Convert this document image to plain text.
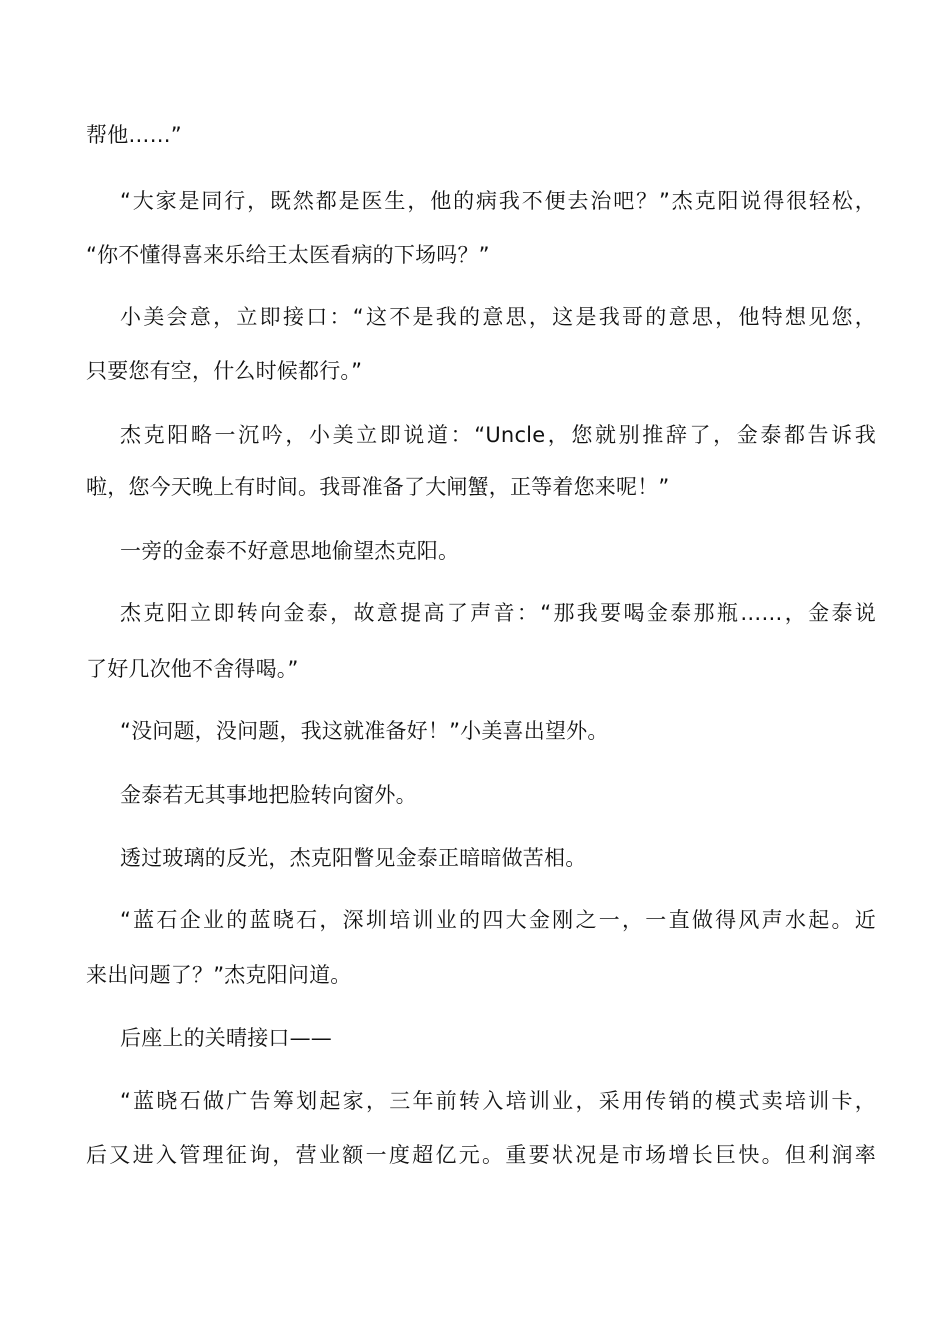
帮他……”
“大家是同行，既然都是医生，他的病我不便去治吧？”杰克阳说得很轻松，
“你不懂得喜来乐给王太医看病的下场吗？”
小美会意，立即接口：“这不是我的意思，这是我哥的意思，他特想见您，
只要您有空，什么时候都行。”
杰克阳略一沉吟，小美立即说道：“Uncle，您就别推辞了，金泰都告诉我
啦，您今天晚上有时间。我哥准备了大闸蟹，正等着您来呢！”
一旁的金泰不好意思地偷望杰克阳。
杰克阳立即转向金泰，故意提高了声音：“那我要喝金泰那瓶……，金泰说
了好几次他不舍得喝。”
“没问题，没问题，我这就准备好！”小美喜出望外。
金泰若无其事地把脸转向窗外。
透过玻璃的反光，杰克阳瞥见金泰正暗暗做苦相。
“蓝石企业的蓝晓石，深圳培训业的四大金刚之一，一直做得风声水起。近
来出问题了？”杰克阳问道。
后座上的关晴接口——
“蓝晓石做广告筹划起家，三年前转入培训业，采用传销的模式卖培训卡，
后又进入管理征询，营业额一度超亿元。重要状况是市场增长巨快。但利润率
